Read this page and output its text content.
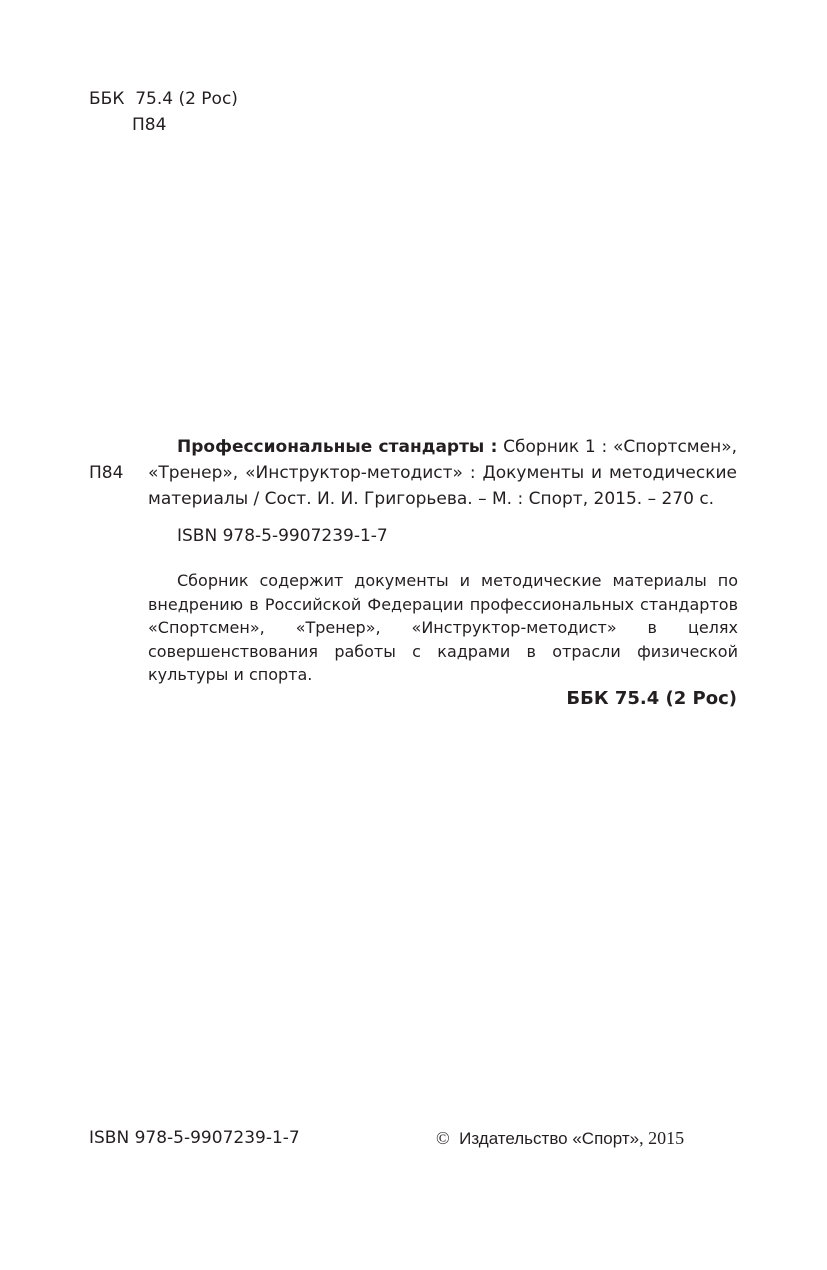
ББК  75.4 (2 Рос)
П84
П84

Профессиональные стандарты : Сборник 1 : «Спортсмен», «Тренер», «Инструктор-методист» : Документы и методические материалы / Сост. И. И. Григорьева. – М. : Спорт, 2015. – 270 с.

ISBN 978-5-9907239-1-7

Сборник содержит документы и методические материалы по внедрению в Российской Федерации профессиональных стандартов «Спортсмен», «Тренер», «Инструктор-методист» в целях совершенствования работы с кадрами в отрасли физической культуры и спорта.

ББК 75.4 (2 Рос)
ISBN 978-5-9907239-1-7	© Издательство «Спорт», 2015
